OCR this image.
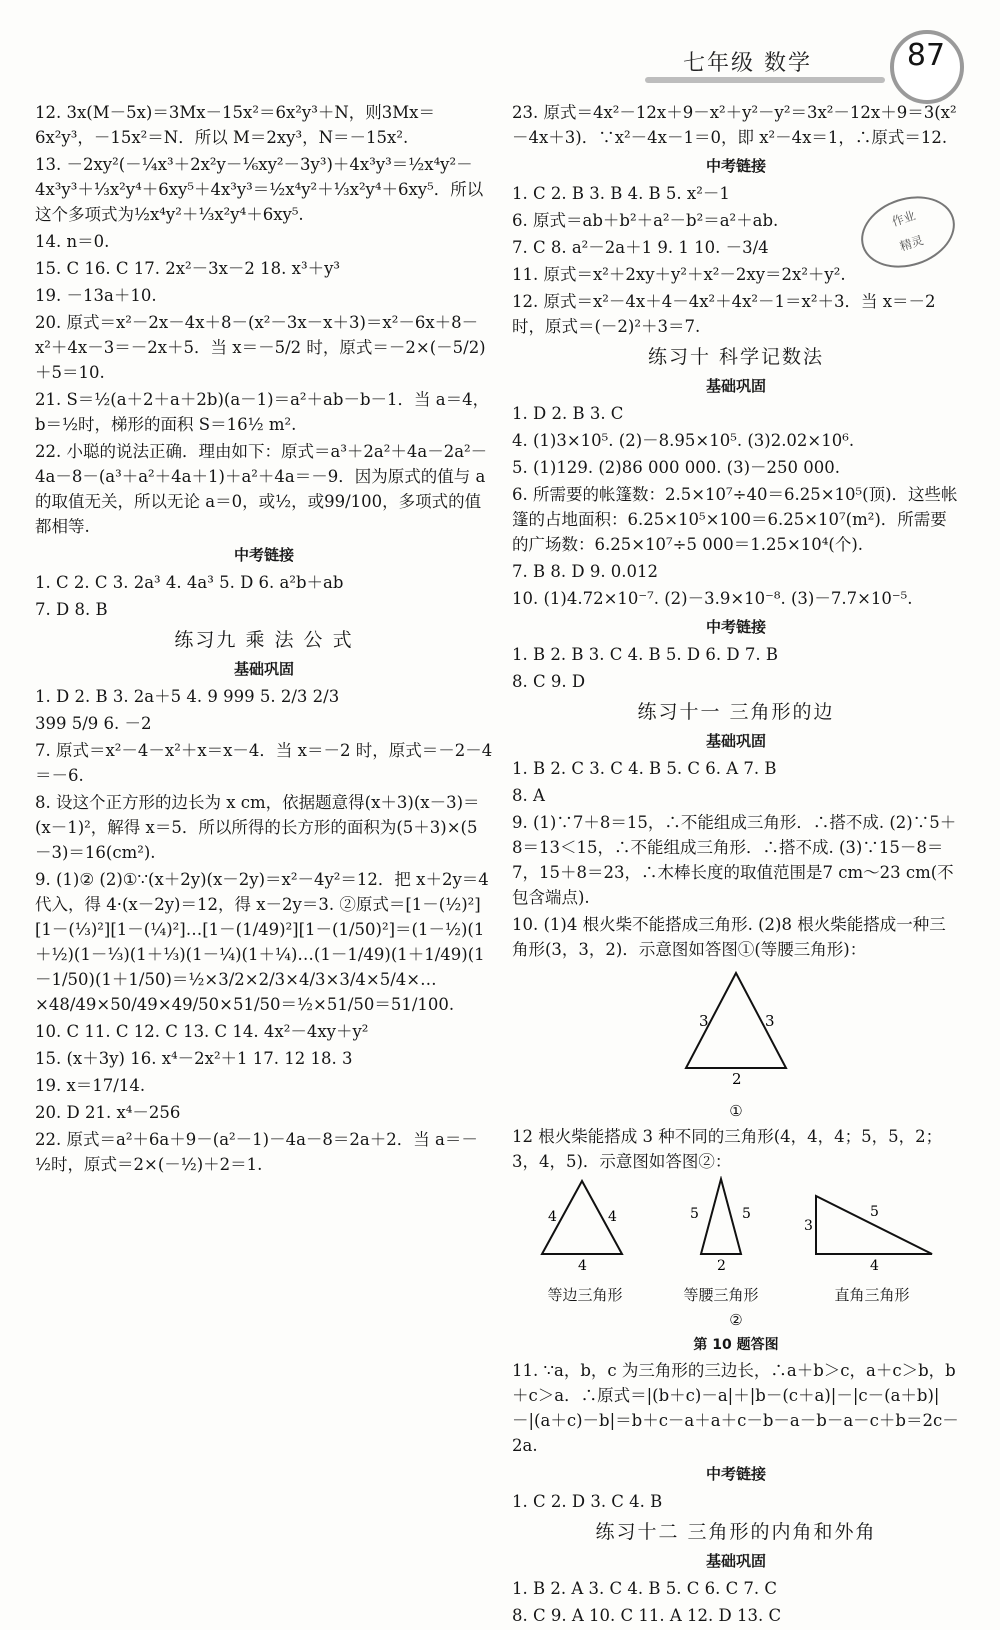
七年级 数学	87
作业
精灵
12. 3x(M－5x)＝3Mx－15x²＝6x²y³＋N，则3Mx＝6x²y³，－15x²＝N．所以 M＝2xy³，N＝－15x².
13. －2xy²(－¼x³＋2x²y－⅙xy²－3y³)＋4x³y³＝½x⁴y²－4x³y³＋⅓x²y⁴＋6xy⁵＋4x³y³＝½x⁴y²＋⅓x²y⁴＋6xy⁵．所以这个多项式为½x⁴y²＋⅓x²y⁴＋6xy⁵.
14. n＝0.
15. C 16. C 17. 2x²－3x－2 18. x³＋y³
19. －13a＋10.
20. 原式＝x²－2x－4x＋8－(x²－3x－x＋3)＝x²－6x＋8－x²＋4x－3＝－2x＋5．当 x＝－5/2 时，原式＝－2×(－5/2)＋5＝10.
21. S＝½(a＋2＋a＋2b)(a－1)＝a²＋ab－b－1．当 a＝4，b＝½时，梯形的面积 S＝16½ m².
22. 小聪的说法正确．理由如下：原式＝a³＋2a²＋4a－2a²－4a－8－(a³＋a²＋4a＋1)＋a²＋4a＝－9．因为原式的值与 a 的取值无关，所以无论 a＝0，或½，或99/100，多项式的值都相等.
中考链接
1. C 2. C 3. 2a³ 4. 4a³ 5. D 6. a²b＋ab
7. D 8. B
练习九 乘 法 公 式
基础巩固
1. D 2. B 3. 2a＋5 4. 9 999 5. 2/3 2/3
399 5/9 6. －2
7. 原式＝x²－4－x²＋x＝x－4．当 x＝－2 时，原式＝－2－4＝－6.
8. 设这个正方形的边长为 x cm，依据题意得(x＋3)(x－3)＝(x－1)²，解得 x＝5．所以所得的长方形的面积为(5＋3)×(5－3)＝16(cm²).
9. (1)② (2)①∵(x＋2y)(x－2y)＝x²－4y²＝12．把 x＋2y＝4 代入，得 4·(x－2y)＝12，得 x－2y＝3. ②原式＝[1－(½)²][1－(⅓)²][1－(¼)²]…[1－(1/49)²][1－(1/50)²]＝(1－½)(1＋½)(1－⅓)(1＋⅓)(1－¼)(1＋¼)…(1－1/49)(1＋1/49)(1－1/50)(1＋1/50)＝½×3/2×2/3×4/3×3/4×5/4×…×48/49×50/49×49/50×51/50＝½×51/50＝51/100.
10. C 11. C 12. C 13. C 14. 4x²－4xy＋y²
15. (x＋3y) 16. x⁴－2x²＋1 17. 12 18. 3
19. x＝17/14.
20. D 21. x⁴－256
22. 原式＝a²＋6a＋9－(a²－1)－4a－8＝2a＋2．当 a＝－½时，原式＝2×(－½)＋2＝1.
23. 原式＝4x²－12x＋9－x²＋y²－y²＝3x²－12x＋9＝3(x²－4x＋3)．∵x²－4x－1＝0，即 x²－4x＝1，∴原式＝12.
中考链接
1. C 2. B 3. B 4. B 5. x²－1
6. 原式＝ab＋b²＋a²－b²＝a²＋ab.
7. C 8. a²－2a＋1 9. 1 10. －3/4
11. 原式＝x²＋2xy＋y²＋x²－2xy＝2x²＋y².
12. 原式＝x²－4x＋4－4x²＋4x²－1＝x²＋3．当 x＝－2 时，原式＝(－2)²＋3＝7.
练习十 科学记数法
基础巩固
1. D 2. B 3. C
4. (1)3×10⁵. (2)－8.95×10⁵. (3)2.02×10⁶.
5. (1)129. (2)86 000 000. (3)－250 000.
6. 所需要的帐篷数：2.5×10⁷÷40＝6.25×10⁵(顶)．这些帐篷的占地面积：6.25×10⁵×100＝6.25×10⁷(m²)．所需要的广场数：6.25×10⁷÷5 000＝1.25×10⁴(个).
7. B 8. D 9. 0.012
10. (1)4.72×10⁻⁷. (2)－3.9×10⁻⁸. (3)－7.7×10⁻⁵.
中考链接
1. B 2. B 3. C 4. B 5. D 6. D 7. B
8. C 9. D
练习十一 三角形的边
基础巩固
1. B 2. C 3. C 4. B 5. C 6. A 7. B
8. A
9. (1)∵7＋8＝15，∴不能组成三角形．∴搭不成. (2)∵5＋8＝13＜15，∴不能组成三角形．∴搭不成. (3)∵15－8＝7，15＋8＝23，∴木棒长度的取值范围是7 cm～23 cm(不包含端点).
10. (1)4 根火柴不能搭成三角形. (2)8 根火柴能搭成一种三角形(3，3，2)．示意图如答图①(等腰三角形)：
3	3
2
①
12 根火柴能搭成 3 种不同的三角形(4，4，4；5，5，2；3，4，5)．示意图如答图②：
4	4
4
等边三角形
5	5
2
等腰三角形
3
5
4
直角三角形
②
第 10 题答图
11. ∵a，b，c 为三角形的三边长，∴a＋b＞c，a＋c＞b，b＋c＞a．∴原式＝|(b＋c)－a|＋|b－(c＋a)|－|c－(a＋b)|－|(a＋c)－b|＝b＋c－a＋a＋c－b－a－b－a－c＋b＝2c－2a.
中考链接
1. C 2. D 3. C 4. B
练习十二 三角形的内角和外角
基础巩固
1. B 2. A 3. C 4. B 5. C 6. C 7. C
8. C 9. A 10. C 11. A 12. D 13. C
